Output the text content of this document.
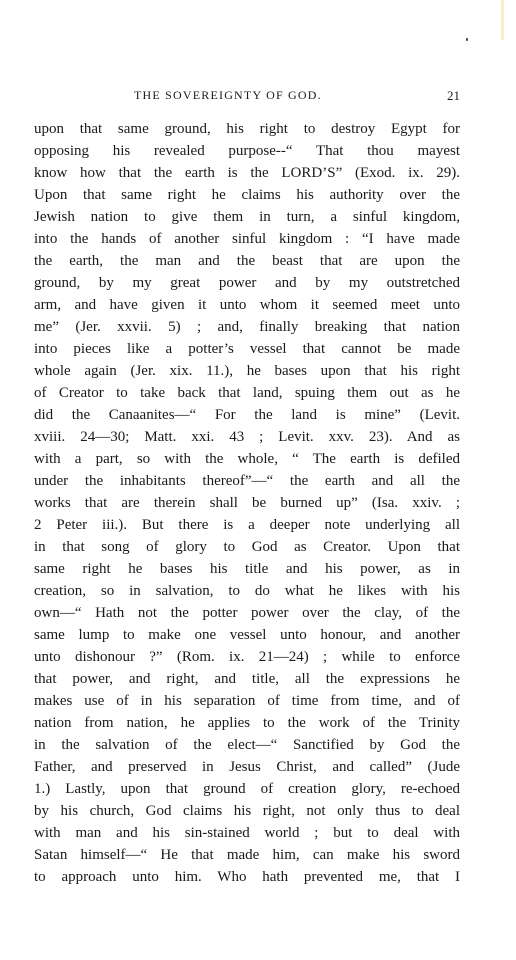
THE SOVEREIGNTY OF GOD.	21
upon that same ground, his right to destroy Egypt for
opposing his revealed purpose--“ That thou mayest
know how that the earth is the LORD’S” (Exod. ix. 29).
Upon that same right he claims his authority over the
Jewish nation to give them in turn, a sinful kingdom,
into the hands of another sinful kingdom : “I have made
the earth, the man and the beast that are upon the
ground, by my great power and by my outstretched
arm, and have given it unto whom it seemed meet unto
me” (Jer. xxvii. 5) ; and, finally breaking that nation
into pieces like a potter’s vessel that cannot be made
whole again (Jer. xix. 11.), he bases upon that his right
of Creator to take back that land, spuing them out as he
did the Canaanites—“ For the land is mine” (Levit.
xviii. 24—30; Matt. xxi. 43 ; Levit. xxv. 23). And as
with a part, so with the whole, “ The earth is defiled
under the inhabitants thereof”—“ the earth and all the
works that are therein shall be burned up” (Isa. xxiv. ;
2 Peter iii.). But there is a deeper note underlying all
in that song of glory to God as Creator. Upon that
same right he bases his title and his power, as in
creation, so in salvation, to do what he likes with his
own—“ Hath not the potter power over the clay, of the
same lump to make one vessel unto honour, and another
unto dishonour ?” (Rom. ix. 21—24) ; while to enforce
that power, and right, and title, all the expressions he
makes use of in his separation of time from time, and of
nation from nation, he applies to the work of the Trinity
in the salvation of the elect—“ Sanctified by God the
Father, and preserved in Jesus Christ, and called” (Jude
1.) Lastly, upon that ground of creation glory, re-echoed
by his church, God claims his right, not only thus to deal
with man and his sin-stained world ; but to deal with
Satan himself—“ He that made him, can make his sword
to approach unto him. Who hath prevented me, that I
